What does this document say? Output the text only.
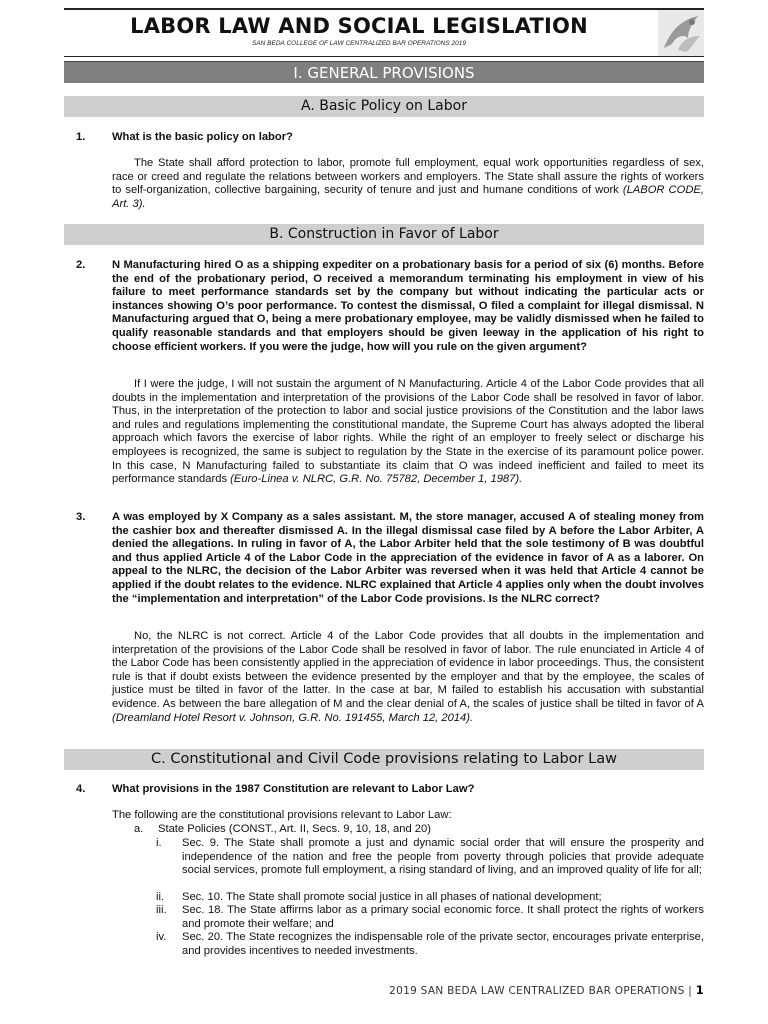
LABOR LAW AND SOCIAL LEGISLATION
SAN BEDA COLLEGE OF LAW CENTRALIZED BAR OPERATIONS 2019
I. GENERAL PROVISIONS
A. Basic Policy on Labor
1.	What is the basic policy on labor?
The State shall afford protection to labor, promote full employment, equal work opportunities regardless of sex, race or creed and regulate the relations between workers and employers. The State shall assure the rights of workers to self-organization, collective bargaining, security of tenure and just and humane conditions of work (LABOR CODE, Art. 3).
B. Construction in Favor of Labor
2.	N Manufacturing hired O as a shipping expediter on a probationary basis for a period of six (6) months. Before the end of the probationary period, O received a memorandum terminating his employment in view of his failure to meet performance standards set by the company but without indicating the particular acts or instances showing O’s poor performance. To contest the dismissal, O filed a complaint for illegal dismissal. N Manufacturing argued that O, being a mere probationary employee, may be validly dismissed when he failed to qualify reasonable standards and that employers should be given leeway in the application of his right to choose efficient workers. If you were the judge, how will you rule on the given argument?
If I were the judge, I will not sustain the argument of N Manufacturing. Article 4 of the Labor Code provides that all doubts in the implementation and interpretation of the provisions of the Labor Code shall be resolved in favor of labor. Thus, in the interpretation of the protection to labor and social justice provisions of the Constitution and the labor laws and rules and regulations implementing the constitutional mandate, the Supreme Court has always adopted the liberal approach which favors the exercise of labor rights. While the right of an employer to freely select or discharge his employees is recognized, the same is subject to regulation by the State in the exercise of its paramount police power. In this case, N Manufacturing failed to substantiate its claim that O was indeed inefficient and failed to meet its performance standards (Euro-Linea v. NLRC, G.R. No. 75782, December 1, 1987).
3.	A was employed by X Company as a sales assistant. M, the store manager, accused A of stealing money from the cashier box and thereafter dismissed A. In the illegal dismissal case filed by A before the Labor Arbiter, A denied the allegations. In ruling in favor of A, the Labor Arbiter held that the sole testimony of B was doubtful and thus applied Article 4 of the Labor Code in the appreciation of the evidence in favor of A as a laborer. On appeal to the NLRC, the decision of the Labor Arbiter was reversed when it was held that Article 4 cannot be applied if the doubt relates to the evidence. NLRC explained that Article 4 applies only when the doubt involves the “implementation and interpretation” of the Labor Code provisions. Is the NLRC correct?
No, the NLRC is not correct. Article 4 of the Labor Code provides that all doubts in the implementation and interpretation of the provisions of the Labor Code shall be resolved in favor of labor. The rule enunciated in Article 4 of the Labor Code has been consistently applied in the appreciation of evidence in labor proceedings. Thus, the consistent rule is that if doubt exists between the evidence presented by the employer and that by the employee, the scales of justice must be tilted in favor of the latter. In the case at bar, M failed to establish his accusation with substantial evidence. As between the bare allegation of M and the clear denial of A, the scales of justice shall be tilted in favor of A (Dreamland Hotel Resort v. Johnson, G.R. No. 191455, March 12, 2014).
C. Constitutional and Civil Code provisions relating to Labor Law
4.	What provisions in the 1987 Constitution are relevant to Labor Law?
The following are the constitutional provisions relevant to Labor Law:
a. State Policies (CONST., Art. II, Secs. 9, 10, 18, and 20)
i.	Sec. 9. The State shall promote a just and dynamic social order that will ensure the prosperity and independence of the nation and free the people from poverty through policies that provide adequate social services, promote full employment, a rising standard of living, and an improved quality of life for all;
ii.	Sec. 10. The State shall promote social justice in all phases of national development;
iii.	Sec. 18. The State affirms labor as a primary social economic force. It shall protect the rights of workers and promote their welfare; and
iv.	Sec. 20. The State recognizes the indispensable role of the private sector, encourages private enterprise, and provides incentives to needed investments.
2019 SAN BEDA LAW CENTRALIZED BAR OPERATIONS | 1
